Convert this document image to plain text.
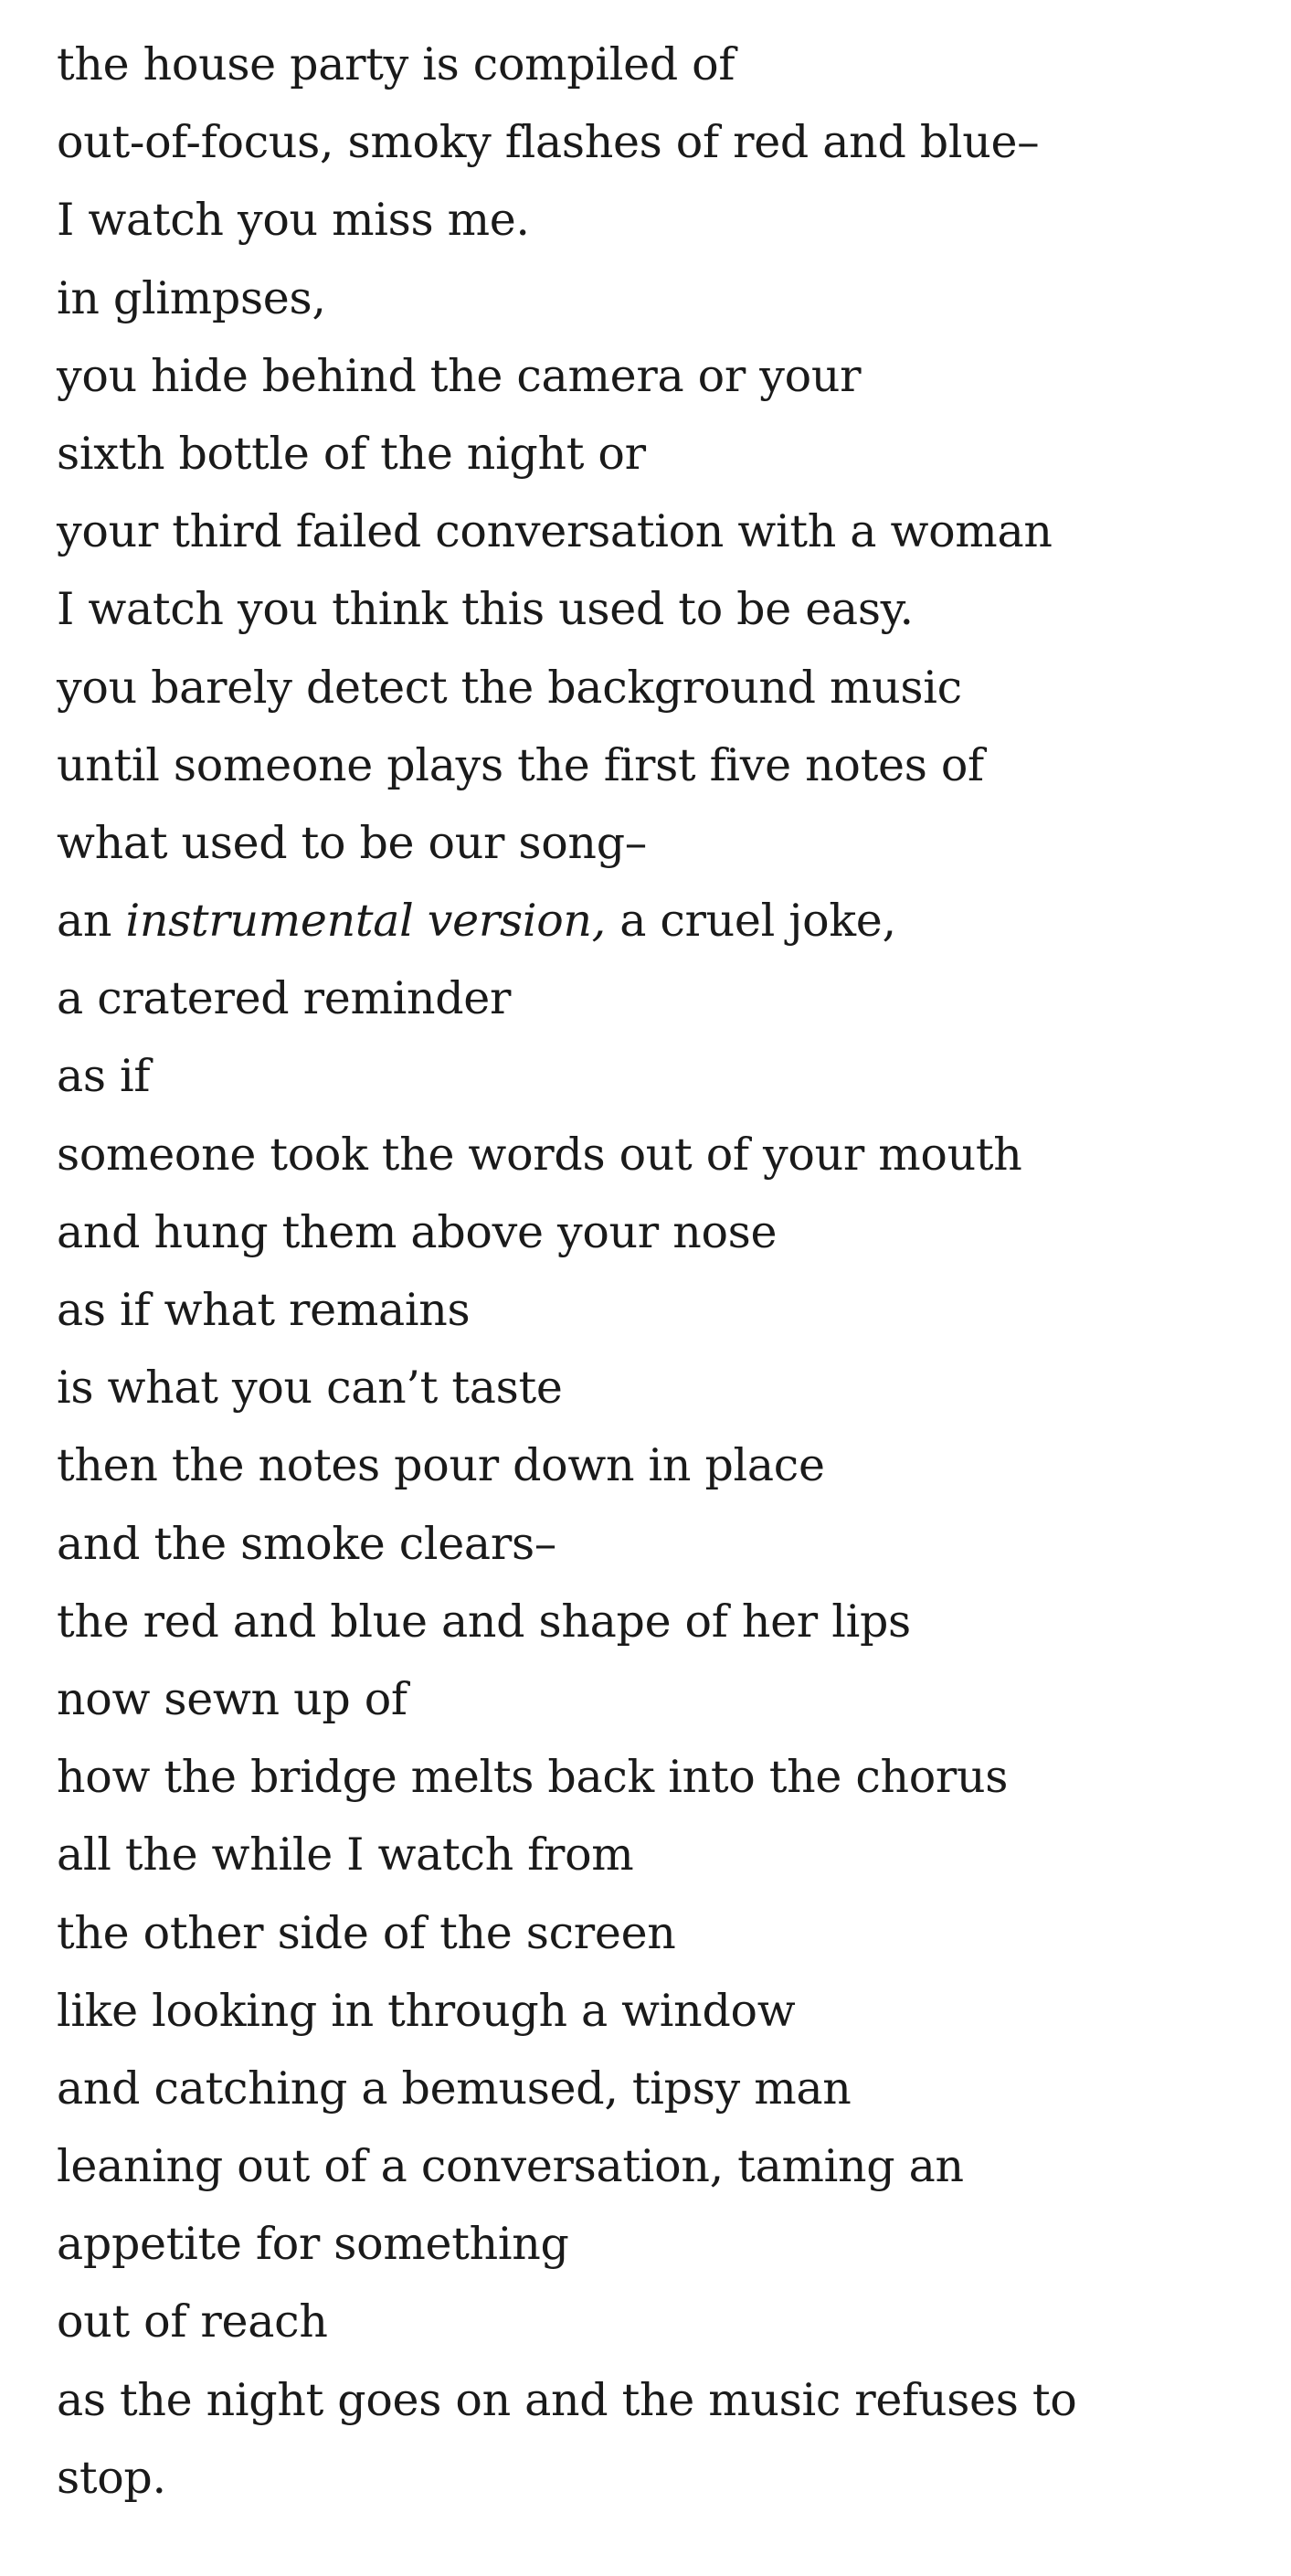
the house party is compiled of
out-of-focus, smoky flashes of red and blue–
I watch you miss me.
in glimpses,
you hide behind the camera or your
sixth bottle of the night or
your third failed conversation with a woman
I watch you think this used to be easy.
you barely detect the background music
until someone plays the first five notes of
what used to be our song–
an instrumental version, a cruel joke,
a cratered reminder
as if
someone took the words out of your mouth
and hung them above your nose
as if what remains
is what you can’t taste
then the notes pour down in place
and the smoke clears–
the red and blue and shape of her lips
now sewn up of
how the bridge melts back into the chorus
all the while I watch from
the other side of the screen
like looking in through a window
and catching a bemused, tipsy man
leaning out of a conversation, taming an
appetite for something
out of reach
as the night goes on and the music refuses to
stop.
